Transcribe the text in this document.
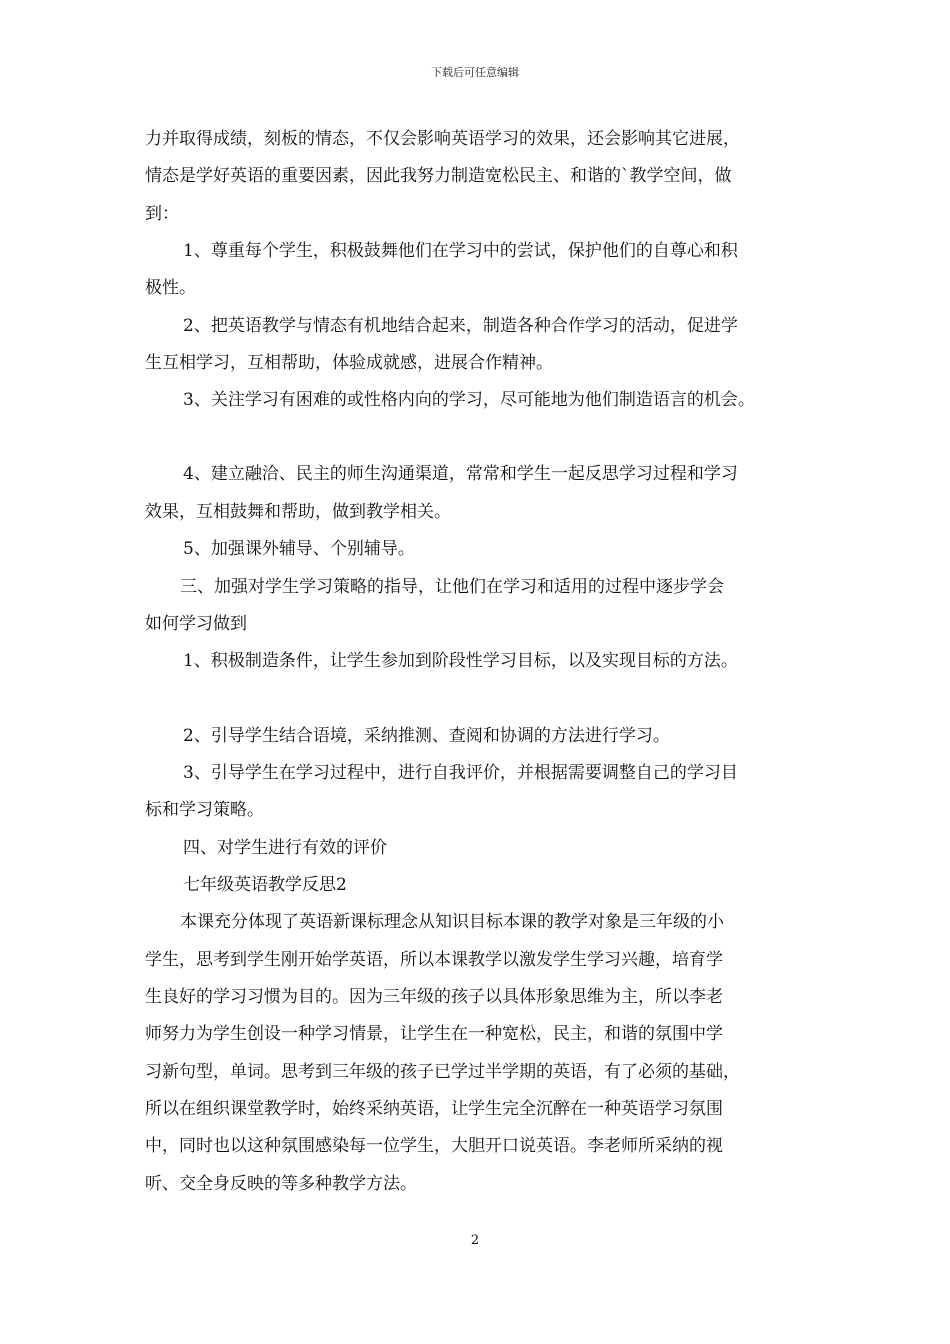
下载后可任意编辑
力并取得成绩，刻板的情态，不仅会影响英语学习的效果，还会影响其它进展，
情态是学好英语的重要因素，因此我努力制造宽松民主、和谐的`教学空间，做
到：
1、尊重每个学生，积极鼓舞他们在学习中的尝试，保护他们的自尊心和积
极性。
2、把英语教学与情态有机地结合起来，制造各种合作学习的活动，促进学
生互相学习，互相帮助，体验成就感，进展合作精神。
3、关注学习有困难的或性格内向的学习，尽可能地为他们制造语言的机会。
4、建立融洽、民主的师生沟通渠道，常常和学生一起反思学习过程和学习
效果，互相鼓舞和帮助，做到教学相关。
5、加强课外辅导、个别辅导。
三、加强对学生学习策略的指导，让他们在学习和适用的过程中逐步学会
如何学习做到
1、积极制造条件，让学生参加到阶段性学习目标，以及实现目标的方法。
2、引导学生结合语境，采纳推测、查阅和协调的方法进行学习。
3、引导学生在学习过程中，进行自我评价，并根据需要调整自己的学习目
标和学习策略。
四、对学生进行有效的评价
七年级英语教学反思2
本课充分体现了英语新课标理念从知识目标本课的教学对象是三年级的小
学生，思考到学生刚开始学英语，所以本课教学以激发学生学习兴趣，培育学
生良好的学习习惯为目的。因为三年级的孩子以具体形象思维为主，所以李老
师努力为学生创设一种学习情景，让学生在一种宽松，民主，和谐的氛围中学
习新句型，单词。思考到三年级的孩子已学过半学期的英语，有了必须的基础，
所以在组织课堂教学时，始终采纳英语，让学生完全沉醉在一种英语学习氛围
中，同时也以这种氛围感染每一位学生，大胆开口说英语。李老师所采纳的视
听、交全身反映的等多种教学方法。
2
